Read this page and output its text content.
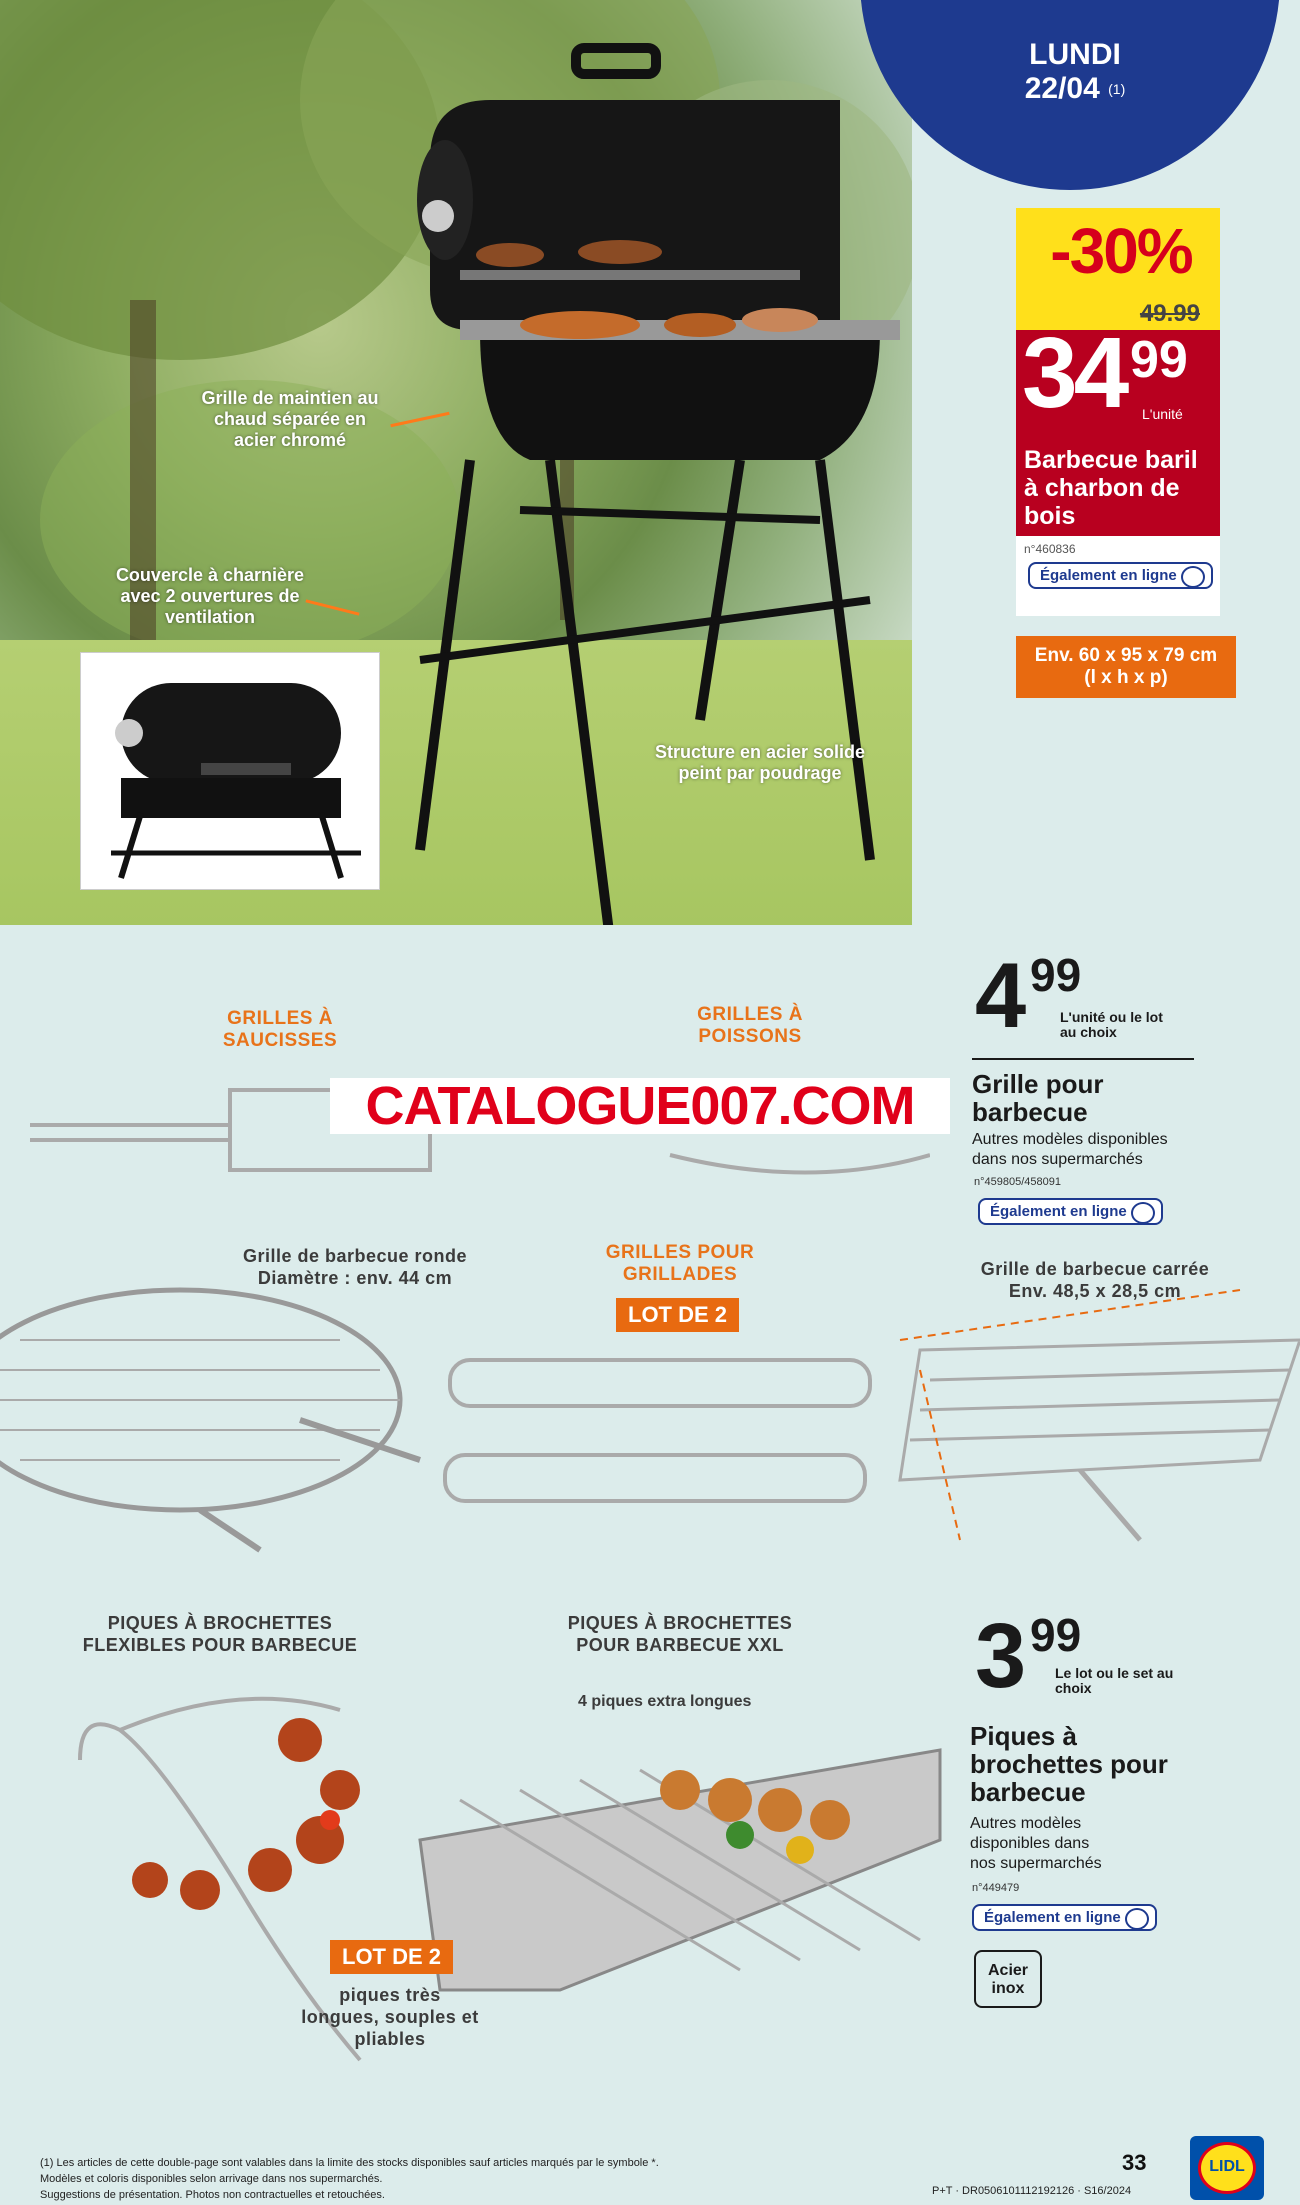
Grille de maintien au chaud séparée en acier chromé
Couvercle à charnière avec 2 ouvertures de ventilation
Structure en acier solide peint par poudrage
LUNDI
22/04 $^{(1)}$
-30%
49.99
34 99
L'unité
Barbecue baril à charbon de bois
n°460836
Également en ligne
Env. 60 x 95 x 79 cm
(l x h x p)
GRILLES À SAUCISSES
GRILLES À POISSONS
CATALOGUE007.COM
4 99
L'unité ou le lot au choix
Grille pour barbecue
Autres modèles disponibles dans nos supermarchés
n°459805/458091
Également en ligne
Grille de barbecue ronde Diamètre : env. 44 cm
GRILLES POUR GRILLADES
LOT DE 2
Grille de barbecue carrée Env. 48,5 x 28,5 cm
PIQUES À BROCHETTES FLEXIBLES POUR BARBECUE
PIQUES À BROCHETTES POUR BARBECUE XXL
4 piques extra longues
LOT DE 2
piques très longues, souples et pliables
3 99
Le lot ou le set au choix
Piques à brochettes pour barbecue
Autres modèles disponibles dans nos supermarchés
n°449479
Également en ligne
Acier inox
(1) Les articles de cette double-page sont valables dans la limite des stocks disponibles sauf articles marqués par le symbole *.
Modèles et coloris disponibles selon arrivage dans nos supermarchés.
Suggestions de présentation. Photos non contractuelles et retouchées.
33
P+T · DR0506101112192126 · S16/2024
LIDL
